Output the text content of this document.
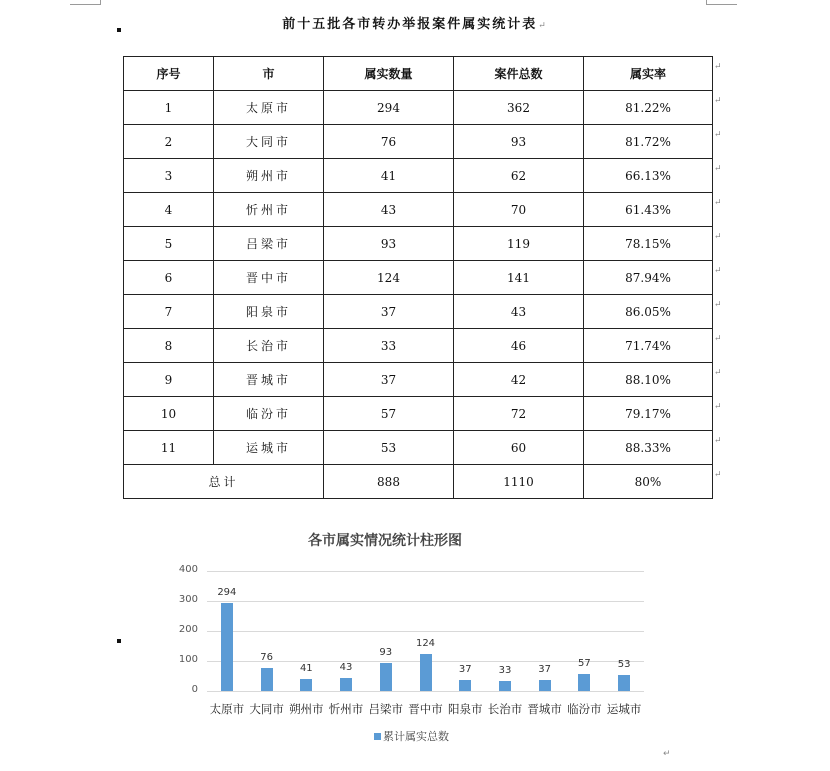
前十五批各市转办举报案件属实统计表↵
序号	市	属实数量	案件总数	属实率
1	太原市	294	362	81.22%
2	大同市	76	93	81.72%
3	朔州市	41	62	66.13%
4	忻州市	43	70	61.43%
5	吕梁市	93	119	78.15%
6	晋中市	124	141	87.94%
7	阳泉市	37	43	86.05%
8	长治市	33	46	71.74%
9	晋城市	37	42	88.10%
10	临汾市	57	72	79.17%
11	运城市	53	60	88.33%
总计		888	1110	80%
↵
↵
↵
↵
↵
↵
↵
↵
↵
↵
↵
↵
↵
各市属实情况统计柱形图
0
100
200
300
400
294
太原市
76
大同市
41
朔州市
43
忻州市
93
吕梁市
124
晋中市
37
阳泉市
33
长治市
37
晋城市
57
临汾市
53
运城市
累计属实总数
↵
